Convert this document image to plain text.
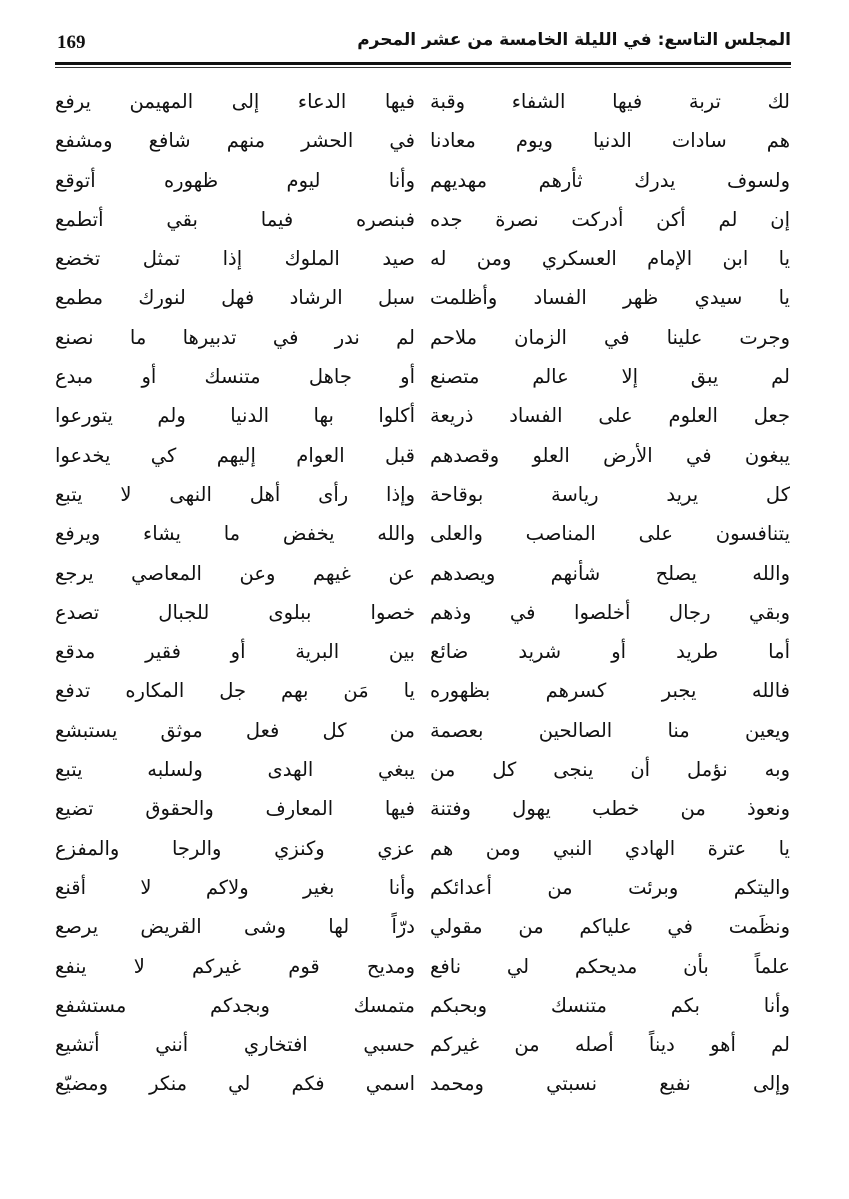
169	المجلس التاسع: في الليلة الخامسة من عشر المحرم
لك تربة فيها الشفاء وقبة
هم سادات الدنيا ويوم معادنا
ولسوف يدرك ثأرهم مهديهم
إن لم أكن أدركت نصرة جده
يا ابن الإمام العسكري ومن له
يا سيدي ظهر الفساد وأظلمت
وجرت علينا في الزمان ملاحم
لم يبق إلا عالم متصنع
جعل العلوم على الفساد ذريعة
يبغون في الأرض العلو وقصدهم
كل يريد رياسة بوقاحة
يتنافسون على المناصب والعلى
والله يصلح شأنهم ويصدهم
وبقي رجال أخلصوا في وذهم
أما طريد أو شريد ضائع
فالله يجبر كسرهم بظهوره
ويعين منا الصالحين بعصمة
وبه نؤمل أن ينجى كل من
ونعوذ من خطب يهول وفتنة
يا عترة الهادي النبي ومن هم
واليتكم وبرئت من أعدائكم
ونظَمت في علياكم من مقولي
علماً بأن مديحكم لي نافع
وأنا بكم متنسك وبحبكم
لم أهو ديناً أصله من غيركم
وإلى نفيع نسبتي ومحمد
فيها الدعاء إلى المهيمن يرفع
في الحشر منهم شافع ومشفع
وأنا ليوم ظهوره أتوقع
فبنصره فيما بقي أتطمع
صيد الملوك إذا تمثل تخضع
سبل الرشاد فهل لنورك مطمع
لم ندر في تدبيرها ما نصنع
أو جاهل متنسك أو مبدع
أكلوا بها الدنيا ولم يتورعوا
قبل العوام إليهم كي يخدعوا
وإذا رأى أهل النهى لا يتبع
والله يخفض ما يشاء ويرفع
عن غيهم وعن المعاصي يرجع
خصوا ببلوى للجبال تصدع
بين البرية أو فقير مدقع
يا مَن بهم جل المكاره تدفع
من كل فعل موثق يستبشع
يبغي الهدى ولسلبه يتبع
فيها المعارف والحقوق تضيع
عزي وكنزي والرجا والمفزع
وأنا بغير ولاكم لا أقنع
درّاً لها وشى القريض يرصع
ومديح قوم غيركم لا ينفع
متمسك وبجدكم مستشفع
حسبي افتخاري أنني أتشيع
اسمي فكم لي منكر ومضيّع
